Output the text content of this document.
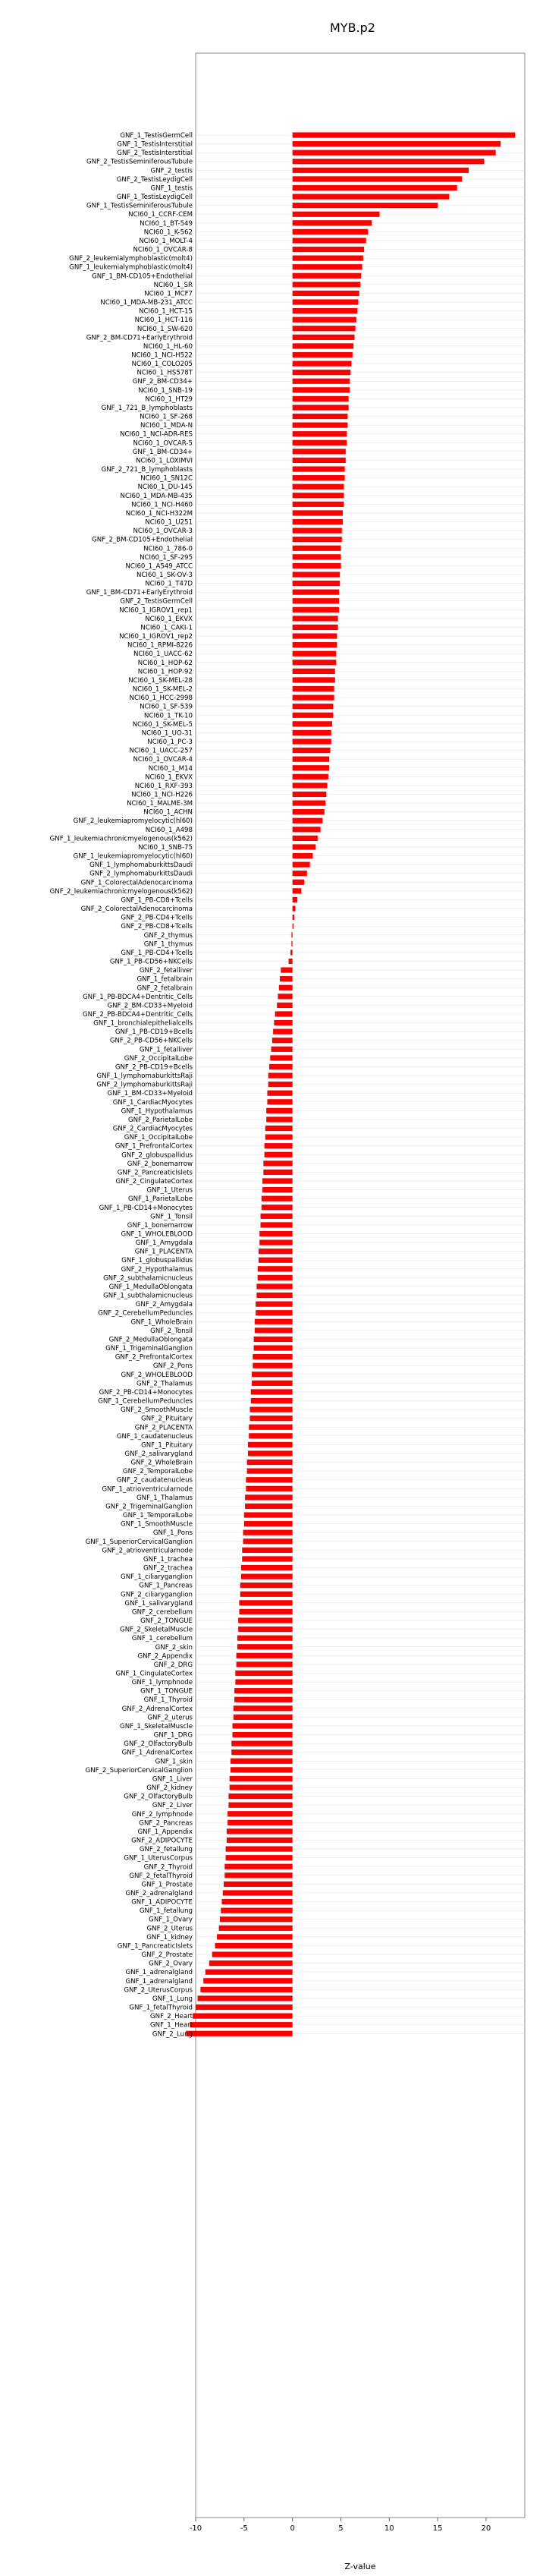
MYB.p2
GNF_1_TestisGermCell
GNF_1_TestisInterstitial
GNF_2_TestisInterstitial
GNF_2_TestisSeminiferousTubule
GNF_2_testis
GNF_2_TestisLeydigCell
GNF_1_testis
GNF_1_TestisLeydigCell
GNF_1_TestisSeminiferousTubule
NCI60_1_CCRF-CEM
NCI60_1_BT-549
NCI60_1_K-562
NCI60_1_MOLT-4
NCI60_1_OVCAR-8
GNF_2_leukemialymphoblastic(molt4)
GNF_1_leukemialymphoblastic(molt4)
GNF_1_BM-CD105+Endothelial
NCI60_1_SR
NCI60_1_MCF7
NCI60_1_MDA-MB-231_ATCC
NCI60_1_HCT-15
NCI60_1_HCT-116
NCI60_1_SW-620
GNF_2_BM-CD71+EarlyErythroid
NCI60_1_HL-60
NCI60_1_NCI-H522
NCI60_1_COLO205
NCI60_1_HS578T
GNF_2_BM-CD34+
NCI60_1_SNB-19
NCI60_1_HT29
GNF_1_721_B_lymphoblasts
NCI60_1_SF-268
NCI60_1_MDA-N
NCI60_1_NCI-ADR-RES
NCI60_1_OVCAR-5
GNF_1_BM-CD34+
NCI60_1_LOXIMVI
GNF_2_721_B_lymphoblasts
NCI60_1_SN12C
NCI60_1_DU-145
NCI60_1_MDA-MB-435
NCI60_1_NCI-H460
NCI60_1_NCI-H322M
NCI60_1_U251
NCI60_1_OVCAR-3
GNF_2_BM-CD105+Endothelial
NCI60_1_786-0
NCI60_1_SF-295
NCI60_1_A549_ATCC
NCI60_1_SK-OV-3
NCI60_1_T47D
GNF_1_BM-CD71+EarlyErythroid
GNF_2_TestisGermCell
NCI60_1_IGROV1_rep1
NCI60_1_EKVX
NCI60_1_CAKI-1
NCI60_1_IGROV1_rep2
NCI60_1_RPMI-8226
NCI60_1_UACC-62
NCI60_1_HOP-62
NCI60_1_HOP-92
NCI60_1_SK-MEL-28
NCI60_1_SK-MEL-2
NCI60_1_HCC-2998
NCI60_1_SF-539
NCI60_1_TK-10
NCI60_1_SK-MEL-5
NCI60_1_UO-31
NCI60_1_PC-3
NCI60_1_UACC-257
NCI60_1_OVCAR-4
NCI60_1_M14
NCI60_1_EKVX
NCI60_1_RXF-393
NCI60_1_NCI-H226
NCI60_1_MALME-3M
NCI60_1_ACHN
GNF_2_leukemiapromyelocytic(hl60)
NCI60_1_A498
GNF_1_leukemiachronicmyelogenous(k562)
NCI60_1_SNB-75
GNF_1_leukemiapromyelocytic(hl60)
GNF_1_lymphomaburkittsDaudi
GNF_2_lymphomaburkittsDaudi
GNF_1_ColorectalAdenocarcinoma
GNF_2_leukemiachronicmyelogenous(k562)
GNF_1_PB-CD8+Tcells
GNF_2_ColorectalAdenocarcinoma
GNF_2_PB-CD4+Tcells
GNF_2_PB-CD8+Tcells
GNF_2_thymus
GNF_1_thymus
GNF_1_PB-CD4+Tcells
GNF_1_PB-CD56+NKCells
GNF_2_fetalliver
GNF_1_fetalbrain
GNF_2_fetalbrain
GNF_1_PB-BDCA4+Dentritic_Cells
GNF_2_BM-CD33+Myeloid
GNF_2_PB-BDCA4+Dentritic_Cells
GNF_1_bronchialepithelialcells
GNF_1_PB-CD19+Bcells
GNF_2_PB-CD56+NKCells
GNF_1_fetalliver
GNF_2_OccipitalLobe
GNF_2_PB-CD19+Bcells
GNF_1_lymphomaburkittsRaji
GNF_2_lymphomaburkittsRaji
GNF_1_BM-CD33+Myeloid
GNF_1_CardiacMyocytes
GNF_1_Hypothalamus
GNF_2_ParietalLobe
GNF_2_CardiacMyocytes
GNF_1_OccipitalLobe
GNF_1_PrefrontalCortex
GNF_2_globuspallidus
GNF_2_bonemarrow
GNF_2_PancreaticIslets
GNF_2_CingulateCortex
GNF_1_Uterus
GNF_1_ParietalLobe
GNF_1_PB-CD14+Monocytes
GNF_1_Tonsil
GNF_1_bonemarrow
GNF_1_WHOLEBLOOD
GNF_1_Amygdala
GNF_1_PLACENTA
GNF_1_globuspallidus
GNF_2_Hypothalamus
GNF_2_subthalamicnucleus
GNF_1_MedullaOblongata
GNF_1_subthalamicnucleus
GNF_2_Amygdala
GNF_2_CerebellumPeduncles
GNF_1_WholeBrain
GNF_2_Tonsil
GNF_2_MedullaOblongata
GNF_1_TrigeminalGanglion
GNF_2_PrefrontalCortex
GNF_2_Pons
GNF_2_WHOLEBLOOD
GNF_2_Thalamus
GNF_2_PB-CD14+Monocytes
GNF_1_CerebellumPeduncles
GNF_2_SmoothMuscle
GNF_2_Pituitary
GNF_2_PLACENTA
GNF_1_caudatenucleus
GNF_1_Pituitary
GNF_2_salivarygland
GNF_2_WholeBrain
GNF_2_TemporalLobe
GNF_2_caudatenucleus
GNF_1_atrioventricularnode
GNF_1_Thalamus
GNF_2_TrigeminalGanglion
GNF_1_TemporalLobe
GNF_1_SmoothMuscle
GNF_1_Pons
GNF_1_SuperiorCervicalGanglion
GNF_2_atrioventricularnode
GNF_1_trachea
GNF_2_trachea
GNF_1_ciliaryganglion
GNF_1_Pancreas
GNF_2_ciliaryganglion
GNF_1_salivarygland
GNF_2_cerebellum
GNF_2_TONGUE
GNF_2_SkeletalMuscle
GNF_1_cerebellum
GNF_2_skin
GNF_2_Appendix
GNF_2_DRG
GNF_1_CingulateCortex
GNF_1_lymphnode
GNF_1_TONGUE
GNF_1_Thyroid
GNF_2_AdrenalCortex
GNF_2_uterus
GNF_1_SkeletalMuscle
GNF_1_DRG
GNF_2_OlfactoryBulb
GNF_1_AdrenalCortex
GNF_1_skin
GNF_2_SuperiorCervicalGanglion
GNF_1_Liver
GNF_2_kidney
GNF_2_OlfactoryBulb
GNF_2_Liver
GNF_2_lymphnode
GNF_2_Pancreas
GNF_1_Appendix
GNF_2_ADIPOCYTE
GNF_2_fetallung
GNF_1_UterusCorpus
GNF_2_Thyroid
GNF_2_fetalThyroid
GNF_1_Prostate
GNF_2_adrenalgland
GNF_1_ADIPOCYTE
GNF_1_fetallung
GNF_1_Ovary
GNF_2_Uterus
GNF_1_kidney
GNF_1_PancreaticIslets
GNF_2_Prostate
GNF_2_Ovary
GNF_1_adrenalgland
GNF_1_adrenalgland
GNF_2_UterusCorpus
GNF_1_Lung
GNF_1_fetalThyroid
GNF_2_Heart
GNF_1_Heart
GNF_2_Lung
-10	-5	0	5	10	15	20
Z-value
